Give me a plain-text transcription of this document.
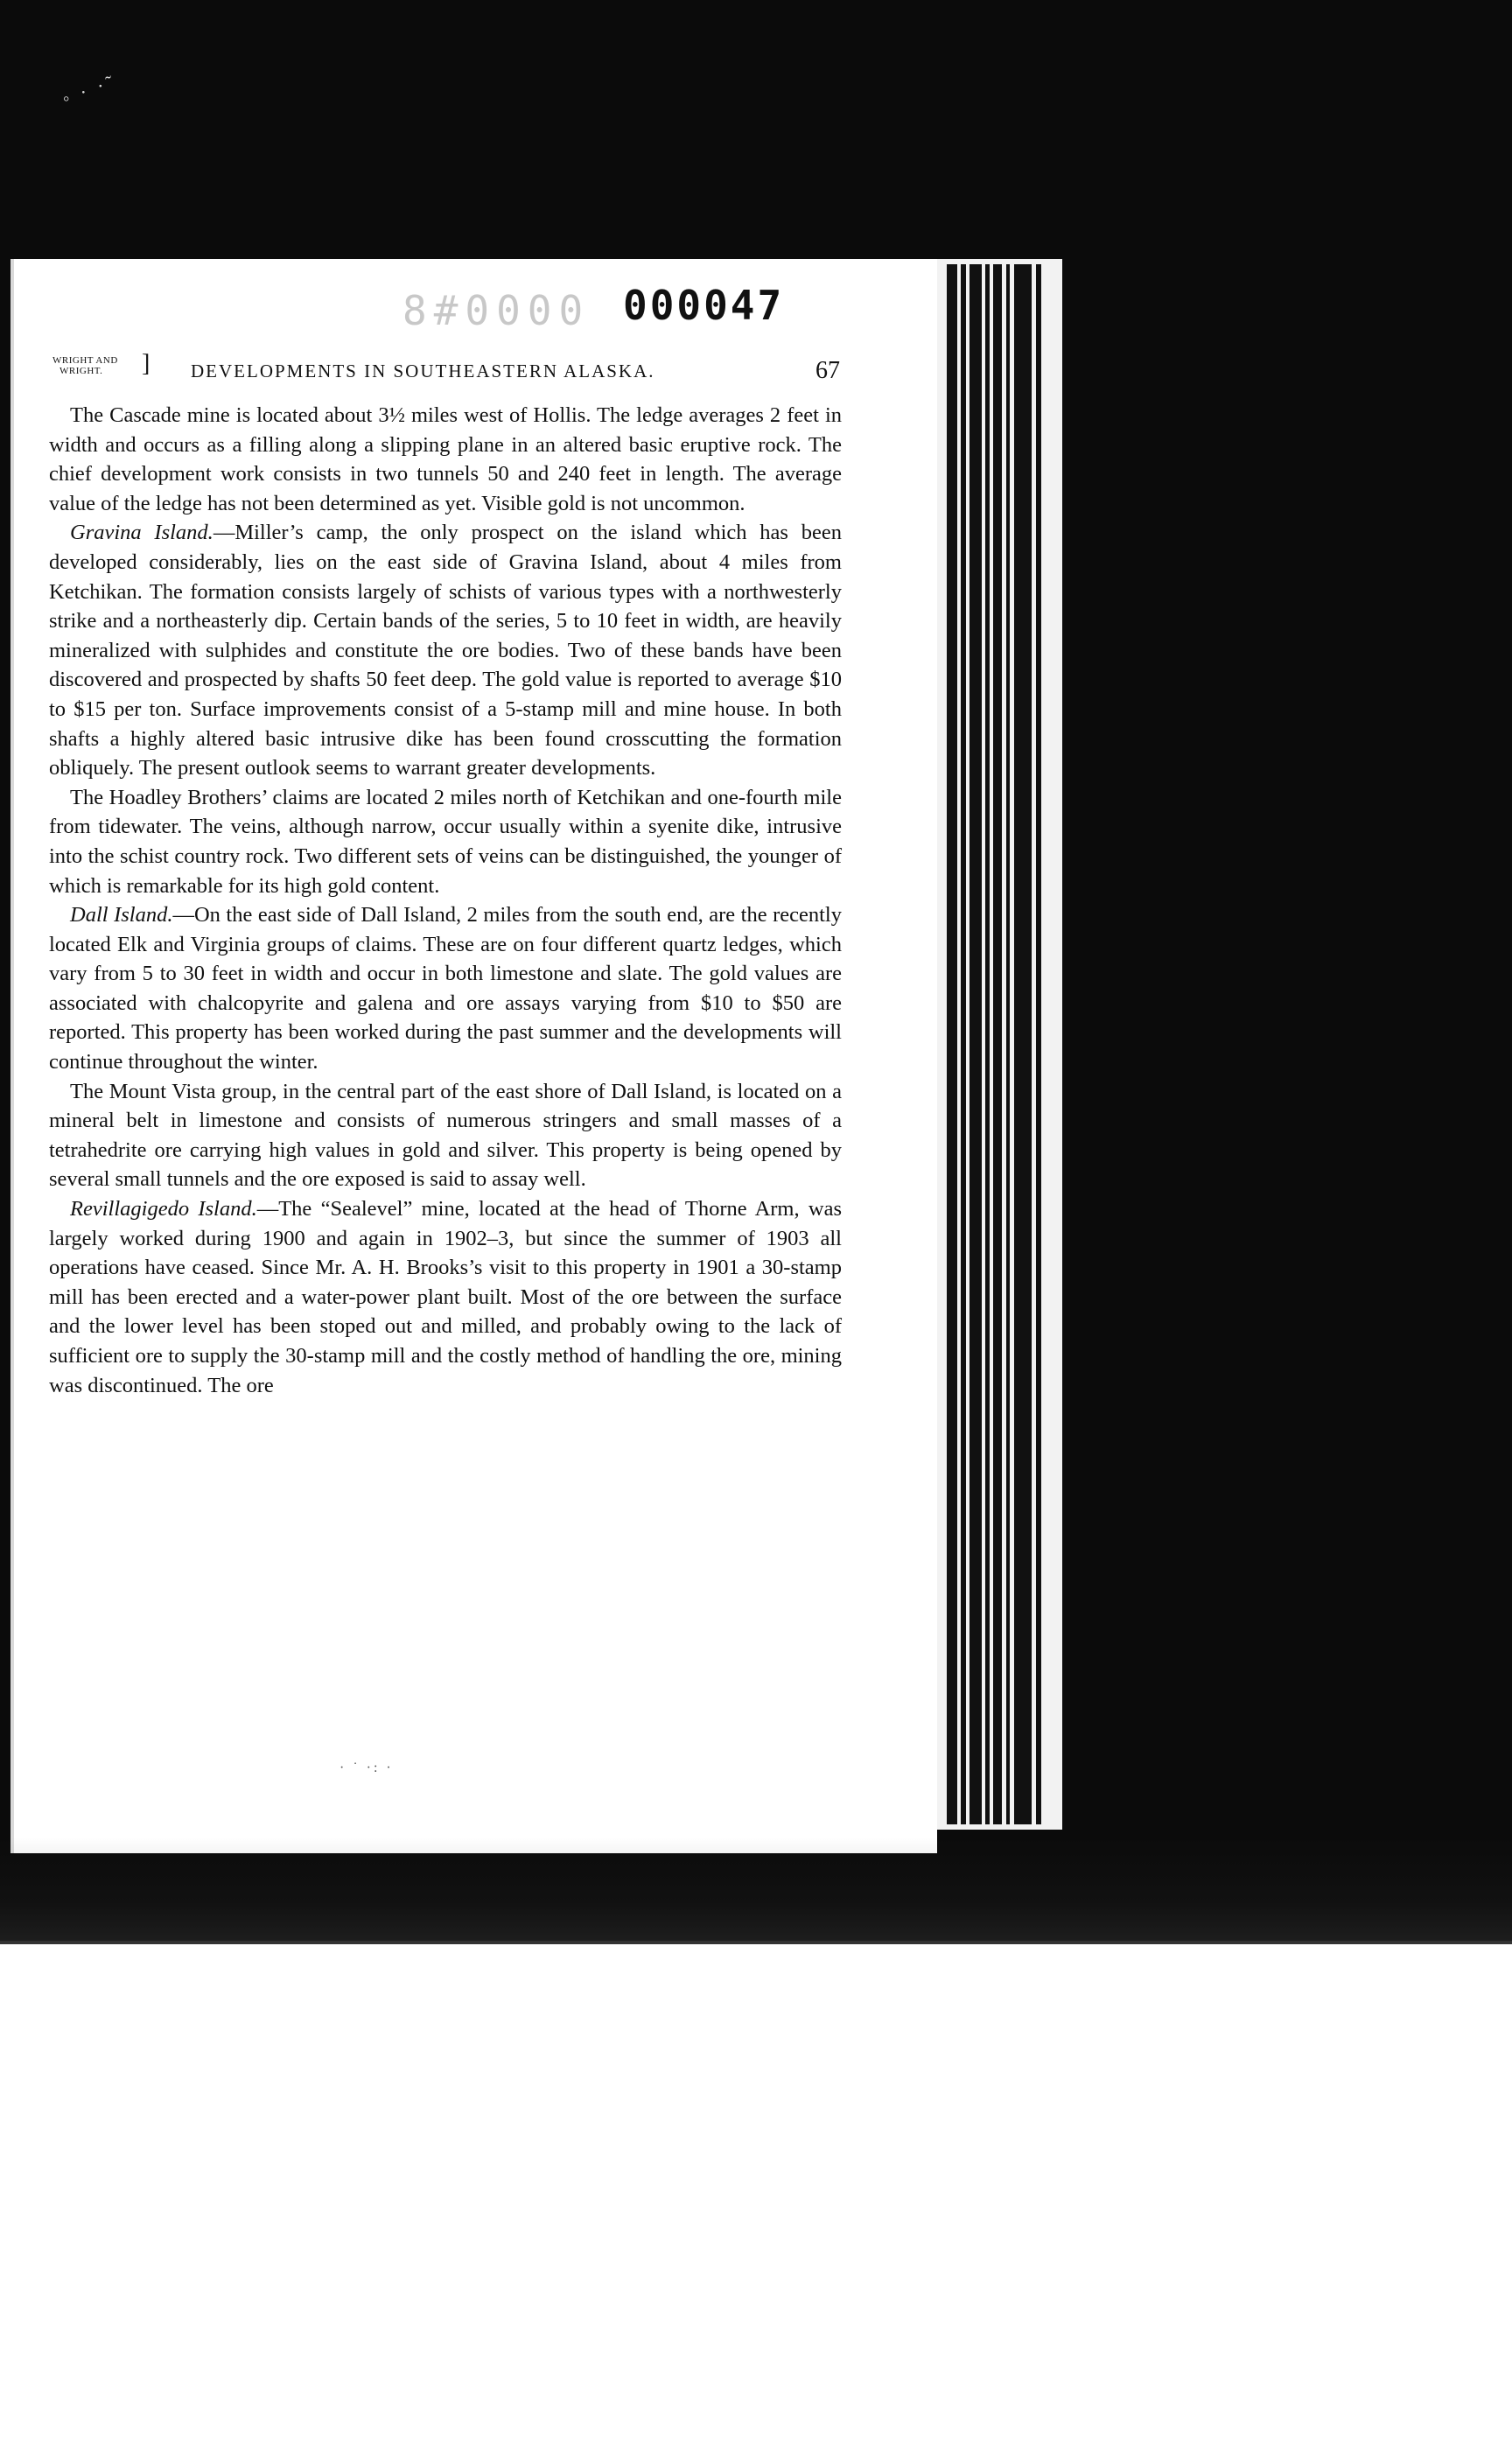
◦ · ·˜
8#0000 000047
WRIGHT AND
WRIGHT.	] DEVELOPMENTS IN SOUTHEASTERN ALASKA.	67

The Cascade mine is located about 3½ miles west of Hollis. The ledge averages 2 feet in width and occurs as a filling along a slipping plane in an altered basic eruptive rock. The chief development work consists in two tunnels 50 and 240 feet in length. The average value of the ledge has not been determined as yet. Visible gold is not uncommon.

Gravina Island.—Miller’s camp, the only prospect on the island which has been developed considerably, lies on the east side of Gravina Island, about 4 miles from Ketchikan. The formation consists largely of schists of various types with a northwesterly strike and a northeasterly dip. Certain bands of the series, 5 to 10 feet in width, are heavily mineralized with sulphides and constitute the ore bodies. Two of these bands have been discovered and prospected by shafts 50 feet deep. The gold value is reported to average $10 to $15 per ton. Surface improvements consist of a 5-stamp mill and mine house. In both shafts a highly altered basic intrusive dike has been found crosscutting the formation obliquely. The present outlook seems to warrant greater developments.

The Hoadley Brothers’ claims are located 2 miles north of Ketchikan and one-fourth mile from tidewater. The veins, although narrow, occur usually within a syenite dike, intrusive into the schist country rock. Two different sets of veins can be distinguished, the younger of which is remarkable for its high gold content.

Dall Island.—On the east side of Dall Island, 2 miles from the south end, are the recently located Elk and Virginia groups of claims. These are on four different quartz ledges, which vary from 5 to 30 feet in width and occur in both limestone and slate. The gold values are associated with chalcopyrite and galena and ore assays varying from $10 to $50 are reported. This property has been worked during the past summer and the developments will continue throughout the winter.

The Mount Vista group, in the central part of the east shore of Dall Island, is located on a mineral belt in limestone and consists of numerous stringers and small masses of a tetrahedrite ore carrying high values in gold and silver. This property is being opened by several small tunnels and the ore exposed is said to assay well.

Revillagigedo Island.—The “Sealevel” mine, located at the head of Thorne Arm, was largely worked during 1900 and again in 1902–3, but since the summer of 1903 all operations have ceased. Since Mr. A. H. Brooks’s visit to this property in 1901 a 30-stamp mill has been erected and a water-power plant built. Most of the ore between the surface and the lower level has been stoped out and milled, and probably owing to the lack of sufficient ore to supply the 30-stamp mill and the costly method of handling the ore, mining was discontinued. The ore

· ˙ ·: ·
